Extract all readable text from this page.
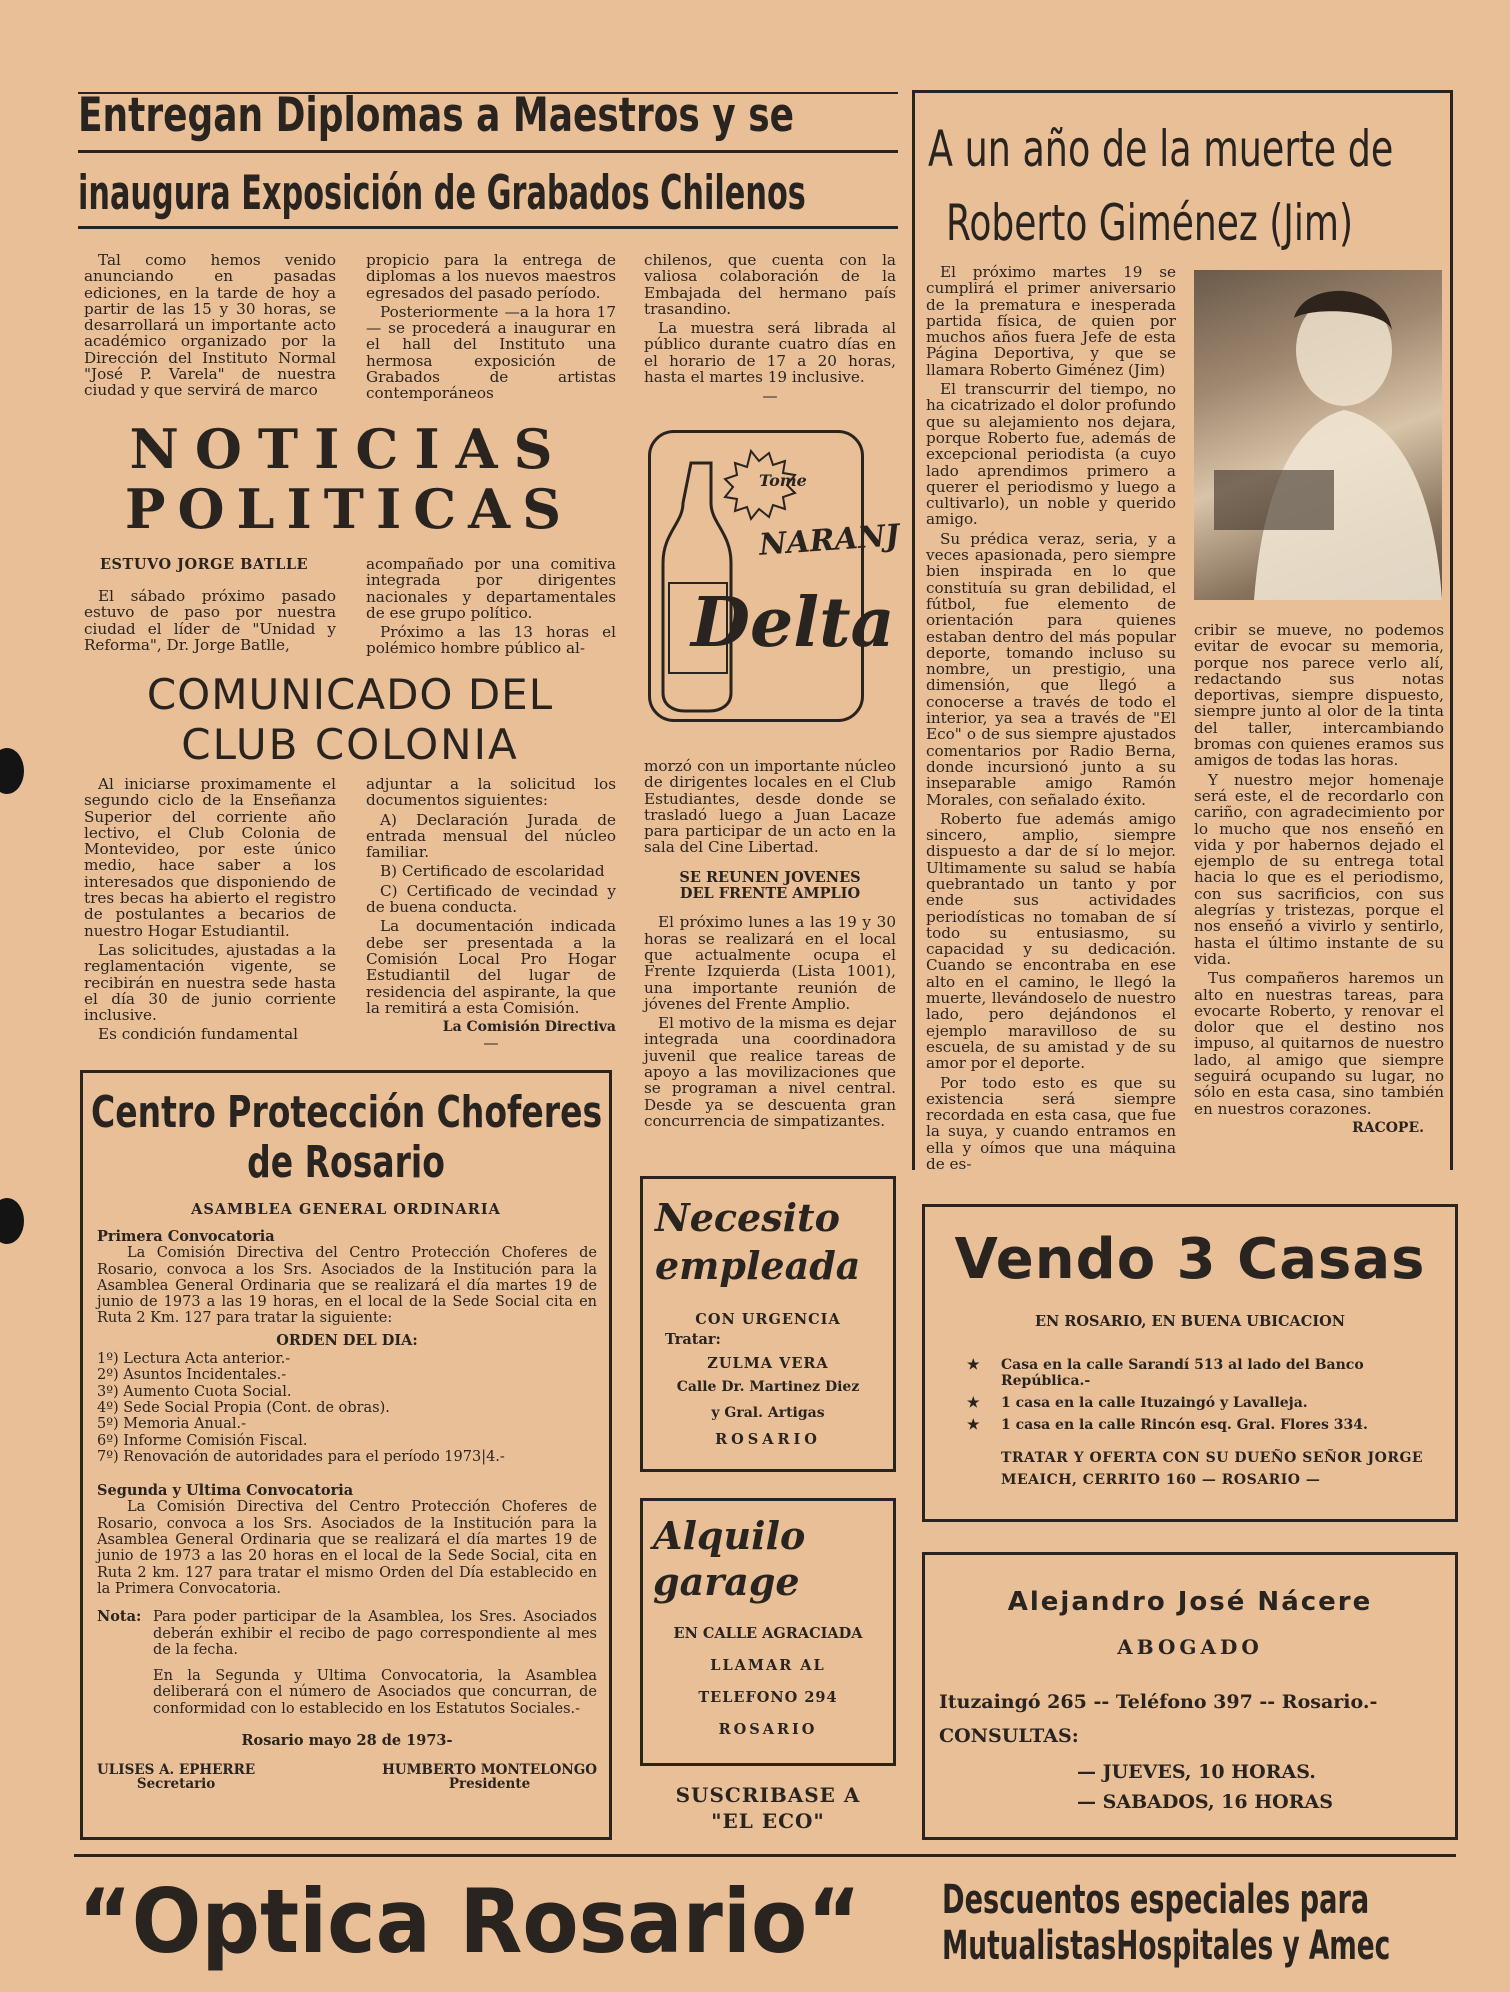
Entregan Diplomas a Maestros y se
inaugura Exposición de Grabados Chilenos

Tal como hemos venido anunciando en pasadas ediciones, en la tarde de hoy a partir de las 15 y 30 horas, se desarrollará un importante acto académico organizado por la Dirección del Instituto Normal "José P. Varela" de nuestra ciudad y que servirá de marco

propicio para la entrega de diplomas a los nuevos maestros egresados del pasado período.

Posteriormente —a la hora 17— se procederá a inaugurar en el hall del Instituto una hermosa exposición de Grabados de artistas contemporáneos

chilenos, que cuenta con la valiosa colaboración de la Embajada del hermano país trasandino.

La muestra será librada al público durante cuatro días en el horario de 17 a 20 horas, hasta el martes 19 inclusive.

—
NOTICIAS
POLITICAS
ESTUVO JORGE BATLLE

El sábado próximo pasado estuvo de paso por nuestra ciudad el líder de "Unidad y Reforma", Dr. Jorge Batlle,

acompañado por una comitiva integrada por dirigentes nacionales y departamentales de ese grupo político.

Próximo a las 13 horas el polémico hombre público al-

COMUNICADO DEL
CLUB COLONIA

Al iniciarse proximamente el segundo ciclo de la Enseñanza Superior del corriente año lectivo, el Club Colonia de Montevideo, por este único medio, hace saber a los interesados que disponiendo de tres becas ha abierto el registro de postulantes a becarios de nuestro Hogar Estudiantil.

Las solicitudes, ajustadas a la reglamentación vigente, se recibirán en nuestra sede hasta el día 30 de junio corriente inclusive.

Es condición fundamental

adjuntar a la solicitud los documentos siguientes:

A) Declaración Jurada de entrada mensual del núcleo familiar.

B) Certificado de escolaridad

C) Certificado de vecindad y de buena conducta.

La documentación indicada debe ser presentada a la Comisión Local Pro Hogar Estudiantil del lugar de residencia del aspirante, la que la remitirá a esta Comisión.

La Comisión Directiva
—
Tome
NARANJ
Delta

morzó con un importante núcleo de dirigentes locales en el Club Estudiantes, desde donde se trasladó luego a Juan Lacaze para participar de un acto en la sala del Cine Libertad.

SE REUNEN JOVENES
DEL FRENTE AMPLIO

El próximo lunes a las 19 y 30 horas se realizará en el local que actualmente ocupa el Frente Izquierda (Lista 1001), una importante reunión de jóvenes del Frente Amplio.

El motivo de la misma es dejar integrada una coordinadora juvenil que realice tareas de apoyo a las movilizaciones que se programan a nivel central. Desde ya se descuenta gran concurrencia de simpatizantes.

A un año de la muerte de
Roberto Giménez (Jim)

El próximo martes 19 se cumplirá el primer aniversario de la prematura e inesperada partida física, de quien por muchos años fuera Jefe de esta Página Deportiva, y que se llamara Roberto Giménez (Jim)

El transcurrir del tiempo, no ha cicatrizado el dolor profundo que su alejamiento nos dejara, porque Roberto fue, además de excepcional periodista (a cuyo lado aprendimos primero a querer el periodismo y luego a cultivarlo), un noble y querido amigo.

Su prédica veraz, seria, y a veces apasionada, pero siempre bien inspirada en lo que constituía su gran debilidad, el fútbol, fue elemento de orientación para quienes estaban dentro del más popular deporte, tomando incluso su nombre, un prestigio, una dimensión, que llegó a conocerse a través de todo el interior, ya sea a través de "El Eco" o de sus siempre ajustados comentarios por Radio Berna, donde incursionó junto a su inseparable amigo Ramón Morales, con señalado éxito.

Roberto fue además amigo sincero, amplio, siempre dispuesto a dar de sí lo mejor. Ultimamente su salud se había quebrantado un tanto y por ende sus actividades periodísticas no tomaban de sí todo su entusiasmo, su capacidad y su dedicación. Cuando se encontraba en ese alto en el camino, le llegó la muerte, llevándoselo de nuestro lado, pero dejándonos el ejemplo maravilloso de su escuela, de su amistad y de su amor por el deporte.

Por todo esto es que su existencia será siempre recordada en esta casa, que fue la suya, y cuando entramos en ella y oímos que una máquina de es-

cribir se mueve, no podemos evitar de evocar su memoria, porque nos parece verlo alí, redactando sus notas deportivas, siempre dispuesto, siempre junto al olor de la tinta del taller, intercambiando bromas con quienes eramos sus amigos de todas las horas.

Y nuestro mejor homenaje será este, el de recordarlo con cariño, con agradecimiento por lo mucho que nos enseñó en vida y por habernos dejado el ejemplo de su entrega total hacia lo que es el periodismo, con sus sacrificios, con sus alegrías y tristezas, porque el nos enseñó a vivirlo y sentirlo, hasta el último instante de su vida.

Tus compañeros haremos un alto en nuestras tareas, para evocarte Roberto, y renovar el dolor que el destino nos impuso, al quitarnos de nuestro lado, al amigo que siempre seguirá ocupando su lugar, no sólo en esta casa, sino también en nuestros corazones.

RACOPE.
Centro Protección Choferes
de Rosario
ASAMBLEA GENERAL ORDINARIA
Primera Convocatoria
La Comisión Directiva del Centro Protección Choferes de Rosario, convoca a los Srs. Asociados de la Institución para la Asamblea General Ordinaria que se realizará el día martes 19 de junio de 1973 a las 19 horas, en el local de la Sede Social cita en Ruta 2 Km. 127 para tratar la siguiente:
ORDEN DEL DIA:
1º) Lectura Acta anterior.-
2º) Asuntos Incidentales.-
3º) Aumento Cuota Social.
4º) Sede Social Propia (Cont. de obras).
5º) Memoria Anual.-
6º) Informe Comisión Fiscal.
7º) Renovación de autoridades para el período 1973|4.-
Segunda y Ultima Convocatoria
La Comisión Directiva del Centro Protección Choferes de Rosario, convoca a los Srs. Asociados de la Institución para la Asamblea General Ordinaria que se realizará el día martes 19 de junio de 1973 a las 20 horas en el local de la Sede Social, cita en Ruta 2 km. 127 para tratar el mismo Orden del Día establecido en la Primera Convocatoria.
Nota: Para poder participar de la Asamblea, los Sres. Asociados deberán exhibir el recibo de pago correspondiente al mes de la fecha.
En la Segunda y Ultima Convocatoria, la Asamblea deliberará con el número de Asociados que concurran, de conformidad con lo establecido en los Estatutos Sociales.-
Rosario mayo 28 de 1973-
ULISES A. EPHERRE
Secretario
HUMBERTO MONTELONGO
Presidente
Necesito
empleada
CON URGENCIA
Tratar:
ZULMA VERA
Calle Dr. Martinez Diez
y Gral. Artigas
ROSARIO
Alquilo
garage
EN CALLE AGRACIADA
LLAMAR AL
TELEFONO 294
ROSARIO
SUSCRIBASE A
"EL ECO"
Vendo 3 Casas
EN ROSARIO, EN BUENA UBICACION
★ Casa en la calle Sarandí 513 al lado del Banco República.-
★ 1 casa en la calle Ituzaingó y Lavalleja.
★ 1 casa en la calle Rincón esq. Gral. Flores 334.
TRATAR Y OFERTA CON SU DUEÑO SEÑOR JORGE MEAICH, CERRITO 160 — ROSARIO —
Alejandro José Nácere
ABOGADO
Ituzaingó 265 -- Teléfono 397 -- Rosario.-
CONSULTAS:
— JUEVES, 10 HORAS.
— SABADOS, 16 HORAS
“Optica Rosario“ Descuentos especiales para
MutualistasHospitales y Amec
